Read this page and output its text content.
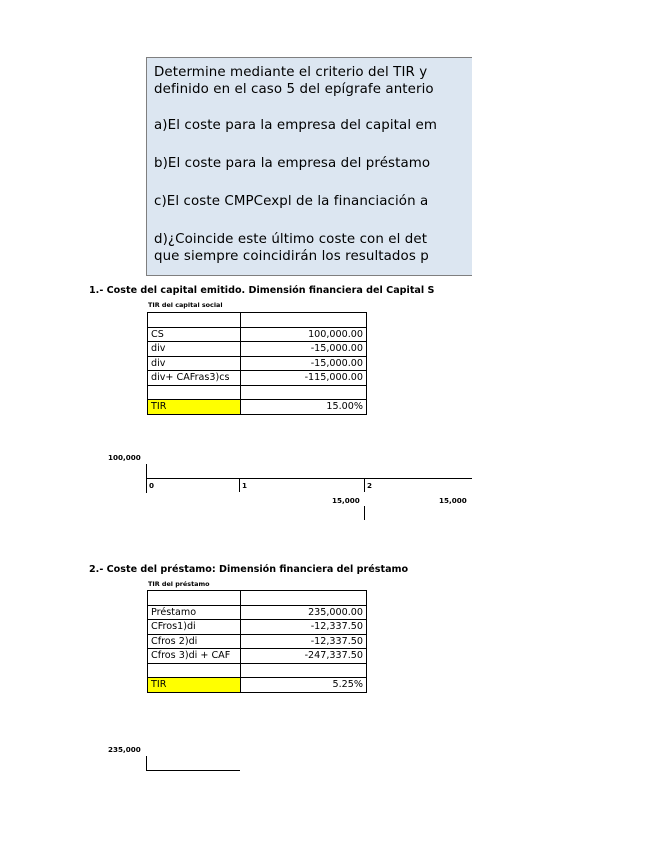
Determine mediante el criterio del TIR y
definido en el caso 5 del epígrafe anterio
a)El coste para la empresa del capital em
b)El coste para la empresa del préstamo
c)El coste CMPCexpl de la financiación a
d)¿Coincide este último coste con el det
que siempre coincidirán los resultados p
1.- Coste del capital emitido. Dimensión financiera del Capital S
TIR del capital social

CS	100,000.00
div	-15,000.00
div	-15,000.00
div+ CAFras3)cs	-115,000.00

TIR	15.00%
100,000
0	1	2
15,000	15,000
2.- Coste del préstamo: Dimensión financiera del préstamo
TIR del préstamo

Préstamo	235,000.00
CFros1)di	-12,337.50
Cfros 2)di	-12,337.50
Cfros 3)di + CAF	-247,337.50

TIR	5.25%
235,000
